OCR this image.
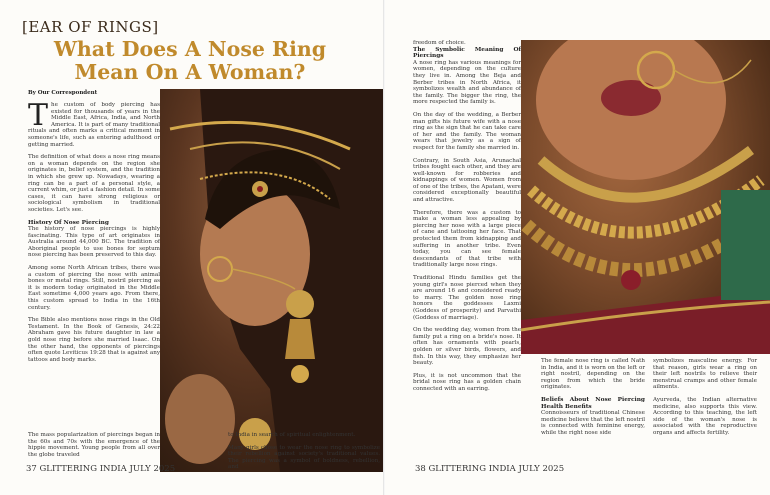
[EAR OF RINGS]
What Does A Nose Ring Mean On A Woman?
By Our Correspondent

The custom of body piercing has existed for thousands of years in the Middle East, Africa, India, and North America. It is part of many traditional rituals and often marks a critical moment in someone's life, such as entering adulthood or getting married.

The definition of what does a nose ring means on a woman depends on the region she originates in, belief system, and the tradition in which she grew up. Nowadays, wearing a ring can be a part of a personal style, a current whim, or just a fashion detail. In some cases, it can have strong religious or sociological symbolism in traditional societies. Let's see.

History Of Nose Piercing

The history of nose piercings is highly fascinating. This type of art originates in Australia around 44,000 BC. The tradition of Aboriginal people to use bones for septum nose piercing has been preserved to this day.

Among some North African tribes, there was a custom of piercing the nose with animal bones or metal rings. Still, nostril piercing as it is modern today originated in the Middle East sometime 4,000 years ago. From there, this custom spread to India in the 16th century.

The Bible also mentions nose rings in the Old Testament. In the Book of Genesis, 24:22 Abraham gave his future daughter in law a gold nose ring before she married Isaac. On the other hand, the opponents of piercings often quote Leviticus 19:28 that is against any tattoos and body marks.

The mass popularization of piercings began in the 60s and 70s with the emergence of the hippie movement. Young people from all over the globe traveled

to India in search of spiritual enlightenment.

Many girls chose to wear the nose ring to symbolize their rebellion against society's traditional values. The piercing was a symbol of boldness, rebellion, and

37 GLITTERING INDIA JULY 2025

freedom of choice.

The Symbolic Meaning Of Piercings

A nose ring has various meanings for women, depending on the culture they live in. Among the Beja and Berber tribes in North Africa, it symbolizes wealth and abundance of the family. The bigger the ring, the more respected the family is.

On the day of the wedding, a Berber man gifts his future wife with a nose ring as the sign that he can take care of her and the family. The woman wears that jewelry as a sign of respect for the family she married in.

Contrary, in South Asia, Arunachal tribes fought each other, and they are well-known for robberies and kidnappings of women. Women from of one of the tribes, the Apatani, were considered exceptionally beautiful and attractive.

Therefore, there was a custom to make a woman less appealing by piercing her nose with a large piece of cane and tattooing her face. That protected them from kidnapping and suffering in another tribe. Even today, you can see female descendants of that tribe with traditionally large nose rings.

Traditional Hindu families get the young girl's nose pierced when they are around 16 and considered ready to marry. The golden nose ring honors the goddesses Laxmi (Goddess of prosperity) and Parvathi (Goddess of marriage).

On the wedding day, women from the family put a ring on a bride's nose. It often has ornaments with pearls, golden or silver birds, flowers, and fish. In this way, they emphasize her beauty.

Plus, it is not uncommon that the bridal nose ring has a golden chain connected with an earring.

The female nose ring is called Nath in India, and it is worn on the left or right nostril, depending on the region from which the bride originates.

Beliefs About Nose Piercing Health Benefits

Connoisseurs of traditional Chinese medicine believe that the left nostril is connected with feminine energy, while the right nose side

symbolizes masculine energy. For that reason, girls wear a ring on their left nostrils to relieve their menstrual cramps and other female ailments.

Ayurveda, the Indian alternative medicine, also supports this view. According to this teaching, the left side of the woman's nose is associated with the reproductive organs and affects fertility.

38 GLITTERING INDIA JULY 2025
